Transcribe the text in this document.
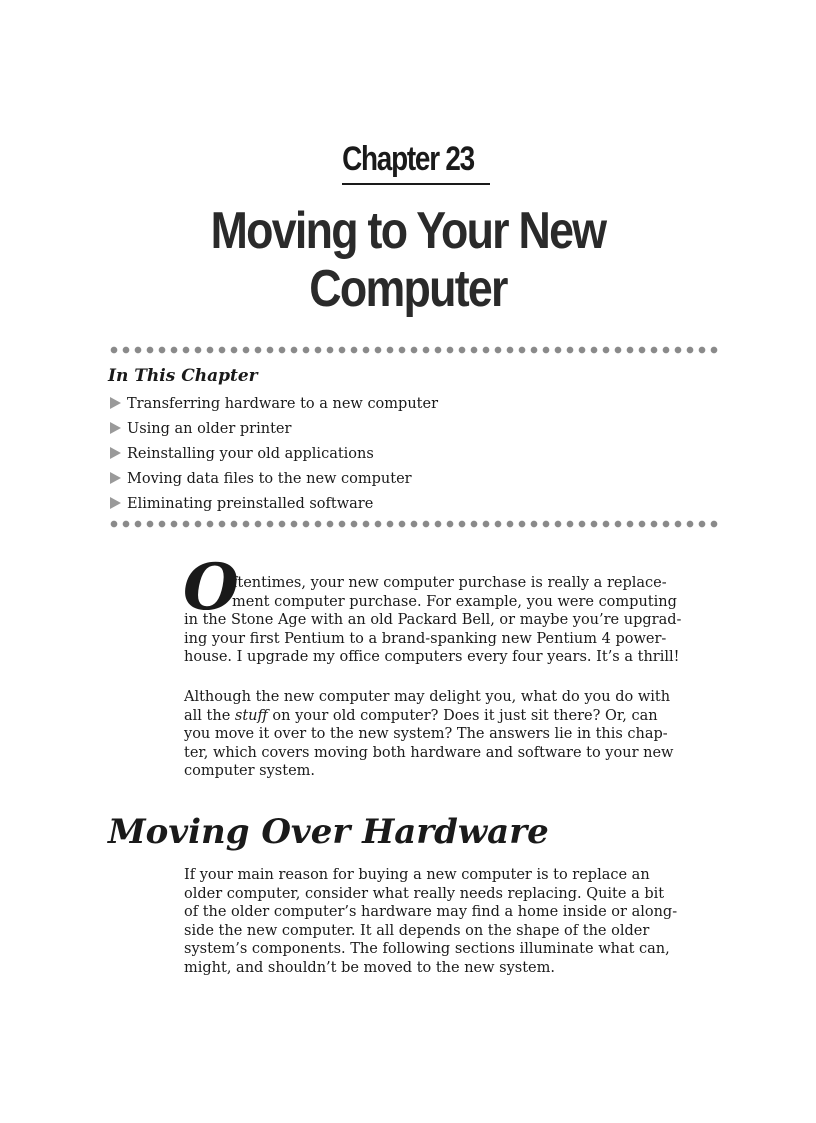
Chapter 23
Moving to Your New
Computer
In This Chapter
Transferring hardware to a new computer
Using an older printer
Reinstalling your old applications
Moving data files to the new computer
Eliminating preinstalled software
O
ftentimes, your new computer purchase is really a replace-
ment computer purchase. For example, you were computing
in the Stone Age with an old Packard Bell, or maybe you’re upgrad-
ing your first Pentium to a brand-spanking new Pentium 4 power-
house. I upgrade my office computers every four years. It’s a thrill!
Although the new computer may delight you, what do you do with
all the stuff on your old computer? Does it just sit there? Or, can
you move it over to the new system? The answers lie in this chap-
ter, which covers moving both hardware and software to your new
computer system.
Moving Over Hardware
If your main reason for buying a new computer is to replace an
older computer, consider what really needs replacing. Quite a bit
of the older computer’s hardware may find a home inside or along-
side the new computer. It all depends on the shape of the older
system’s components. The following sections illuminate what can,
might, and shouldn’t be moved to the new system.
